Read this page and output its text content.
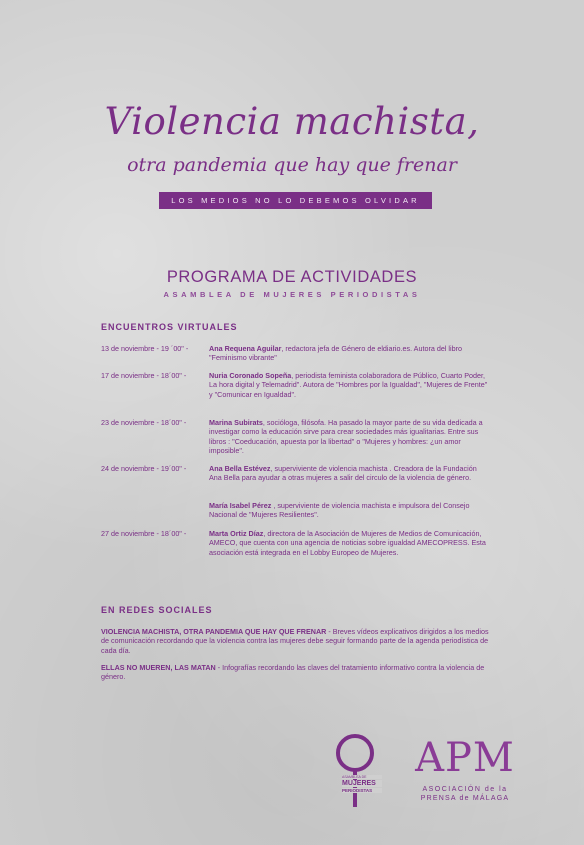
Violencia machista,
otra pandemia que hay que frenar
LOS MEDIOS NO LO DEBEMOS OLVIDAR
PROGRAMA DE ACTIVIDADES
ASAMBLEA DE MUJERES PERIODISTAS
ENCUENTROS VIRTUALES
13 de noviembre - 19 ´00" -	Ana Requena Aguilar, redactora jefa de Género de eldiario.es. Autora del libro "Feminismo vibrante"
17 de noviembre - 18´00" -	Nuria Coronado Sopeña, periodista feminista colaboradora de Público, Cuarto Poder, La hora digital y Telemadrid". Autora de "Hombres por la Igualdad", "Mujeres de Frente" y "Comunicar en Igualdad".
23 de noviembre - 18´00" -	Marina Subirats, socióloga, filósofa. Ha pasado la mayor parte de su vida dedicada a investigar como la educación sirve para crear sociedades más igualitarias. Entre sus libros : "Coeducación, apuesta por la libertad" o "Mujeres y hombres: ¿un amor imposible".
24 de noviembre - 19´00" -	Ana Bella Estévez, superviviente de violencia machista . Creadora de la Fundación Ana Bella para ayudar a otras mujeres a salir del circulo de la violencia de género.
María Isabel Pérez , superviviente de violencia machista e impulsora del Consejo Nacional de "Mujeres Resilientes".
27 de noviembre - 18´00" -	Marta Ortiz Díaz, directora de la Asociación de Mujeres de Medios de Comunicación, AMECO, que cuenta con una agencia de noticias sobre igualdad AMECOPRESS. Esta asociación está integrada en el Lobby Europeo de Mujeres.
EN REDES SOCIALES
VIOLENCIA MACHISTA, OTRA PANDEMIA QUE HAY QUE FRENAR - Breves vídeos explicativos dirigidos a los medios de comunicación recordando que la violencia contra las mujeres debe seguir formando parte de la agenda periodística de cada día.
ELLAS NO MUEREN, LAS MATAN - Infografías recordando las claves del tratamiento informativo contra la violencia de género.
ASAMBLEA DE
MUJERES
PERIODISTAS
APM
ASOCIACIÓN de la
PRENSA de MÁLAGA
